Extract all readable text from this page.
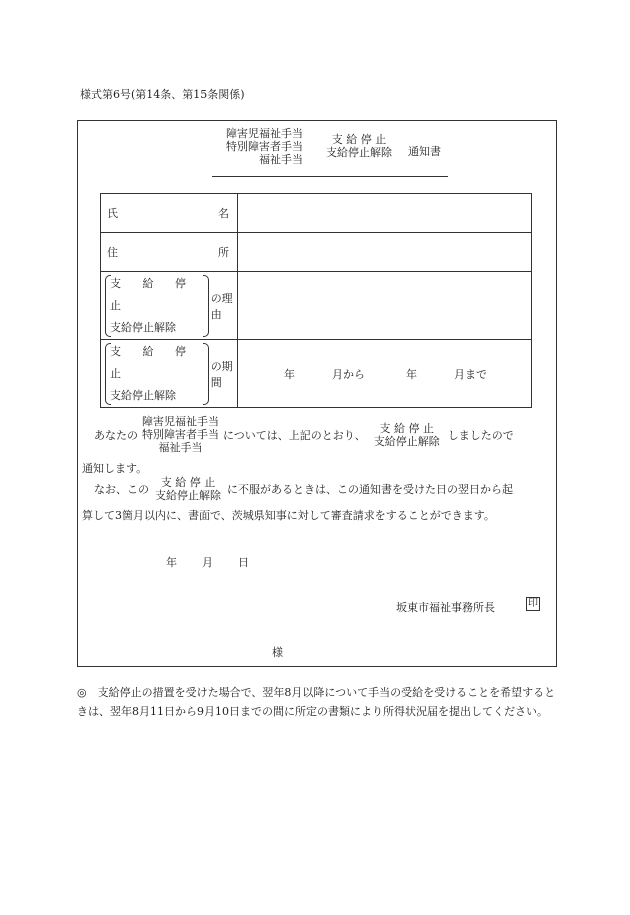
様式第6号(第14条、第15条関係)
障害児福祉手当
特別障害者手当
福祉手当
支 給 停 止
支給停止解除 通知書
氏 名	

住 所	

支 給 停 止
支給停止解除
の理由	

支 給 停 止
支給停止解除
の期間	年 月から 年 月まで
あなたの
障害児福祉手当
特別障害者手当
福祉手当
については、上記のとおり、
支 給 停 止
支給停止解除 しましたので
通知します。
なお、この
支 給 停 止
支給停止解除 に不服があるときは、この通知書を受けた日の翌日から起
算して3箇月以内に、書面で、茨城県知事に対して審査請求をすることができます。
年 月 日
坂東市福祉事務所長	印
様
◎　支給停止の措置を受けた場合で、翌年8月以降について手当の受給を受けることを希望するときは、翌年8月11日から9月10日までの間に所定の書類により所得状況届を提出してください。
